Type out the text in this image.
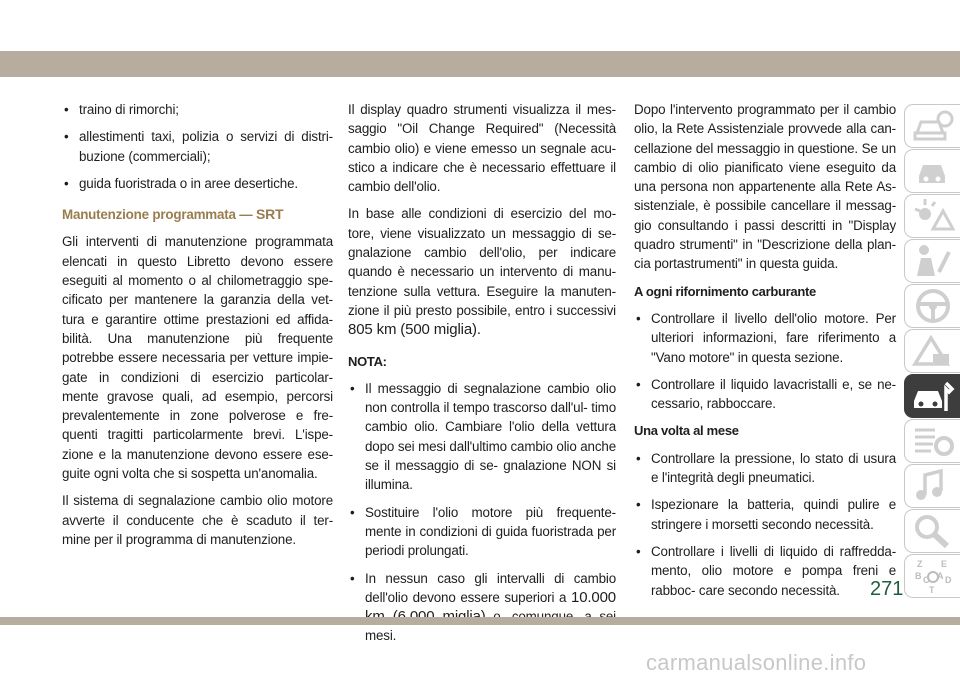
• traino di rimorchi;
• allestimenti taxi, polizia o servizi di distri- buzione (commerciali);
• guida fuoristrada o in aree desertiche.
Manutenzione programmata — SRT

Gli interventi di manutenzione programmata elencati in questo Libretto devono essere eseguiti al momento o al chilometraggio spe- cificato per mantenere la garanzia della vet- tura e garantire ottime prestazioni ed affida- bilità. Una manutenzione più frequente potrebbe essere necessaria per vetture impie- gate in condizioni di esercizio particolar- mente gravose quali, ad esempio, percorsi prevalentemente in zone polverose e fre- quenti tragitti particolarmente brevi. L'ispe- zione e la manutenzione devono essere ese- guite ogni volta che si sospetta un'anomalia.

Il sistema di segnalazione cambio olio motore avverte il conducente che è scaduto il ter- mine per il programma di manutenzione.

Il display quadro strumenti visualizza il mes- saggio "Oil Change Required" (Necessità cambio olio) e viene emesso un segnale acu- stico a indicare che è necessario effettuare il cambio dell'olio.

In base alle condizioni di esercizio del mo- tore, viene visualizzato un messaggio di se- gnalazione cambio dell'olio, per indicare quando è necessario un intervento di manu- tenzione sulla vettura. Eseguire la manuten- zione il più presto possibile, entro i successivi 805 km (500 miglia).

NOTA:
• Il messaggio di segnalazione cambio olio non controlla il tempo trascorso dall'ul- timo cambio olio. Cambiare l'olio della vettura dopo sei mesi dall'ultimo cambio olio anche se il messaggio di se- gnalazione NON si illumina.
• Sostituire l'olio motore più frequente- mente in condizioni di guida fuoristrada per periodi prolungati.
• In nessun caso gli intervalli di cambio dell'olio devono essere superiori a 10.000 mesi.

Dopo l'intervento programmato per il cambio olio, la Rete Assistenziale provvede alla can- cellazione del messaggio in questione. Se un cambio di olio pianificato viene eseguito da una persona non appartenente alla Rete As- sistenziale, è possibile cancellare il messag- gio consultando i passi descritti in "Display quadro strumenti" in "Descrizione della plan- cia portastrumenti" in questa guida.

A ogni rifornimento carburante
• Controllare il livello dell'olio motore. Per ulteriori informazioni, fare riferimento a "Vano motore" in questa sezione.
• Controllare il liquido lavacristalli e, se ne- cessario, rabboccare.
Una volta al mese
• Controllare la pressione, lo stato di usura e l'integrità degli pneumatici.
• Ispezionare la batteria, quindi pulire e stringere i morsetti secondo necessità.
• Controllare i livelli di liquido di raffredda- mento, olio motore e pompa freni e rabboc- care secondo necessità.
Z E
B A
C D
T
271
carmanualsonline.info
